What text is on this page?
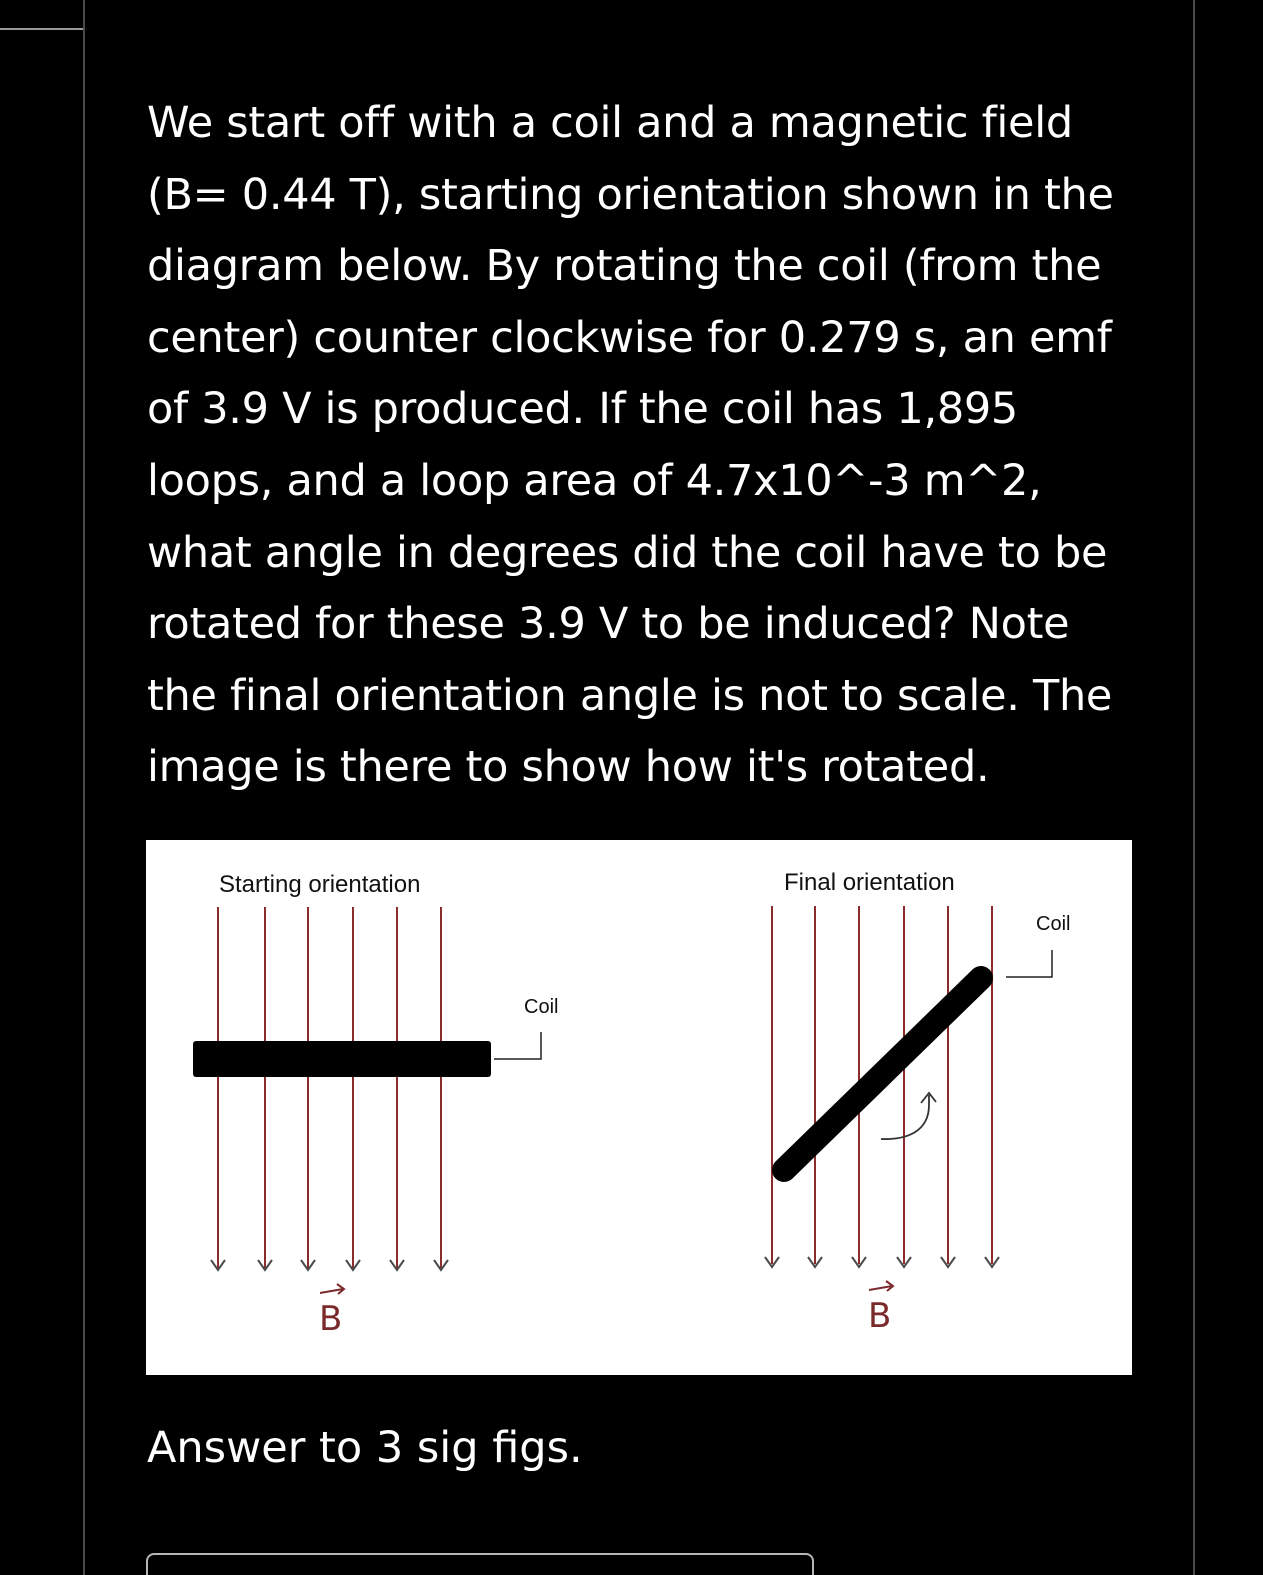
We start off with a coil and a magnetic field (B= 0.44 T), starting orientation shown in the diagram below. By rotating the coil (from the center) counter clockwise for 0.279 s, an emf of 3.9 V is produced. If the coil has 1,895 loops, and a loop area of 4.7x10^-3 m^2, what angle in degrees did the coil have to be rotated for these 3.9 V to be induced? Note the final orientation angle is not to scale. The image is there to show how it's rotated.

Starting orientation
Coil
B
Final orientation
Coil
B

Answer to 3 sig figs.
